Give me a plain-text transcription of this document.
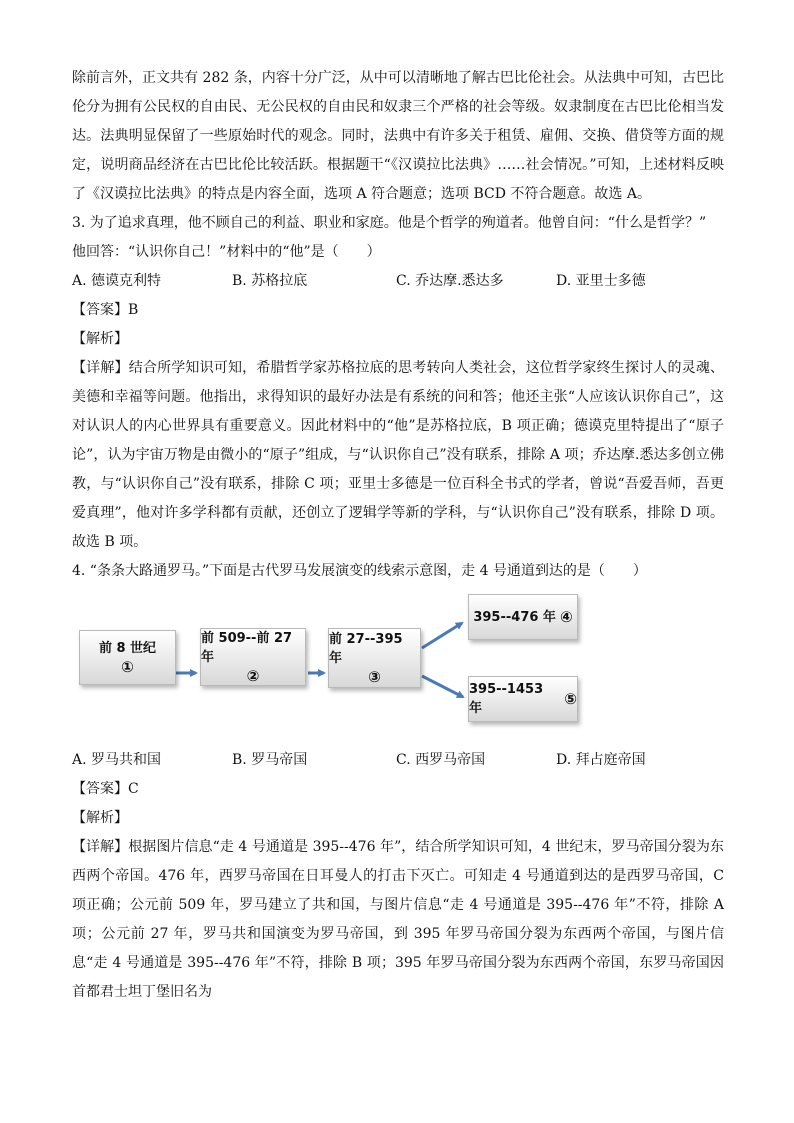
除前言外，正文共有 282 条，内容十分广泛，从中可以清晰地了解古巴比伦社会。从法典中可知，古巴比伦分为拥有公民权的自由民、无公民权的自由民和奴隶三个严格的社会等级。奴隶制度在古巴比伦相当发达。法典明显保留了一些原始时代的观念。同时，法典中有许多关于租赁、雇佣、交换、借贷等方面的规定，说明商品经济在古巴比伦比较活跃。根据题干“《汉谟拉比法典》……社会情况。”可知，上述材料反映了《汉谟拉比法典》的特点是内容全面，选项 A 符合题意；选项 BCD 不符合题意。故选 A。

3. 为了追求真理，他不顾自己的利益、职业和家庭。他是个哲学的殉道者。他曾自问：“什么是哲学？”

他回答：“认识你自己！”材料中的“他”是（　　）

A. 德谟克利特	B. 苏格拉底	C. 乔达摩.悉达多	D. 亚里士多德

【答案】B

【解析】

【详解】结合所学知识可知，希腊哲学家苏格拉底的思考转向人类社会，这位哲学家终生探讨人的灵魂、美德和幸福等问题。他指出，求得知识的最好办法是有系统的问和答；他还主张“人应该认识你自己”，这对认识人的内心世界具有重要意义。因此材料中的“他”是苏格拉底，B 项正确；德谟克里特提出了“原子论”，认为宇宙万物是由微小的“原子”组成，与“认识你自己”没有联系，排除 A 项；乔达摩.悉达多创立佛教，与“认识你自己”没有联系，排除 C 项；亚里士多德是一位百科全书式的学者，曾说“吾爱吾师，吾更爱真理”，他对许多学科都有贡献，还创立了逻辑学等新的学科，与“认识你自己”没有联系，排除 D 项。故选 B 项。

4. “条条大路通罗马。”下面是古代罗马发展演变的线索示意图，走 4 号通道到达的是（　　）

前 8 世纪
①
前 509--前 27 年
②
前 27--395 年
③
395--476 年 ④
395--1453 年
⑤
A. 罗马共和国	B. 罗马帝国	C. 西罗马帝国	D. 拜占庭帝国

【答案】C

【解析】

【详解】根据图片信息“走 4 号通道是 395--476 年”，结合所学知识可知，4 世纪末，罗马帝国分裂为东西两个帝国。476 年，西罗马帝国在日耳曼人的打击下灭亡。可知走 4 号通道到达的是西罗马帝国，C 项正确；公元前 509 年，罗马建立了共和国，与图片信息“走 4 号通道是 395--476 年”不符，排除 A 项；公元前 27 年，罗马共和国演变为罗马帝国，到 395 年罗马帝国分裂为东西两个帝国，与图片信息“走 4 号通道是 395--476 年”不符，排除 B 项；395 年罗马帝国分裂为东西两个帝国，东罗马帝国因首都君士坦丁堡旧名为
